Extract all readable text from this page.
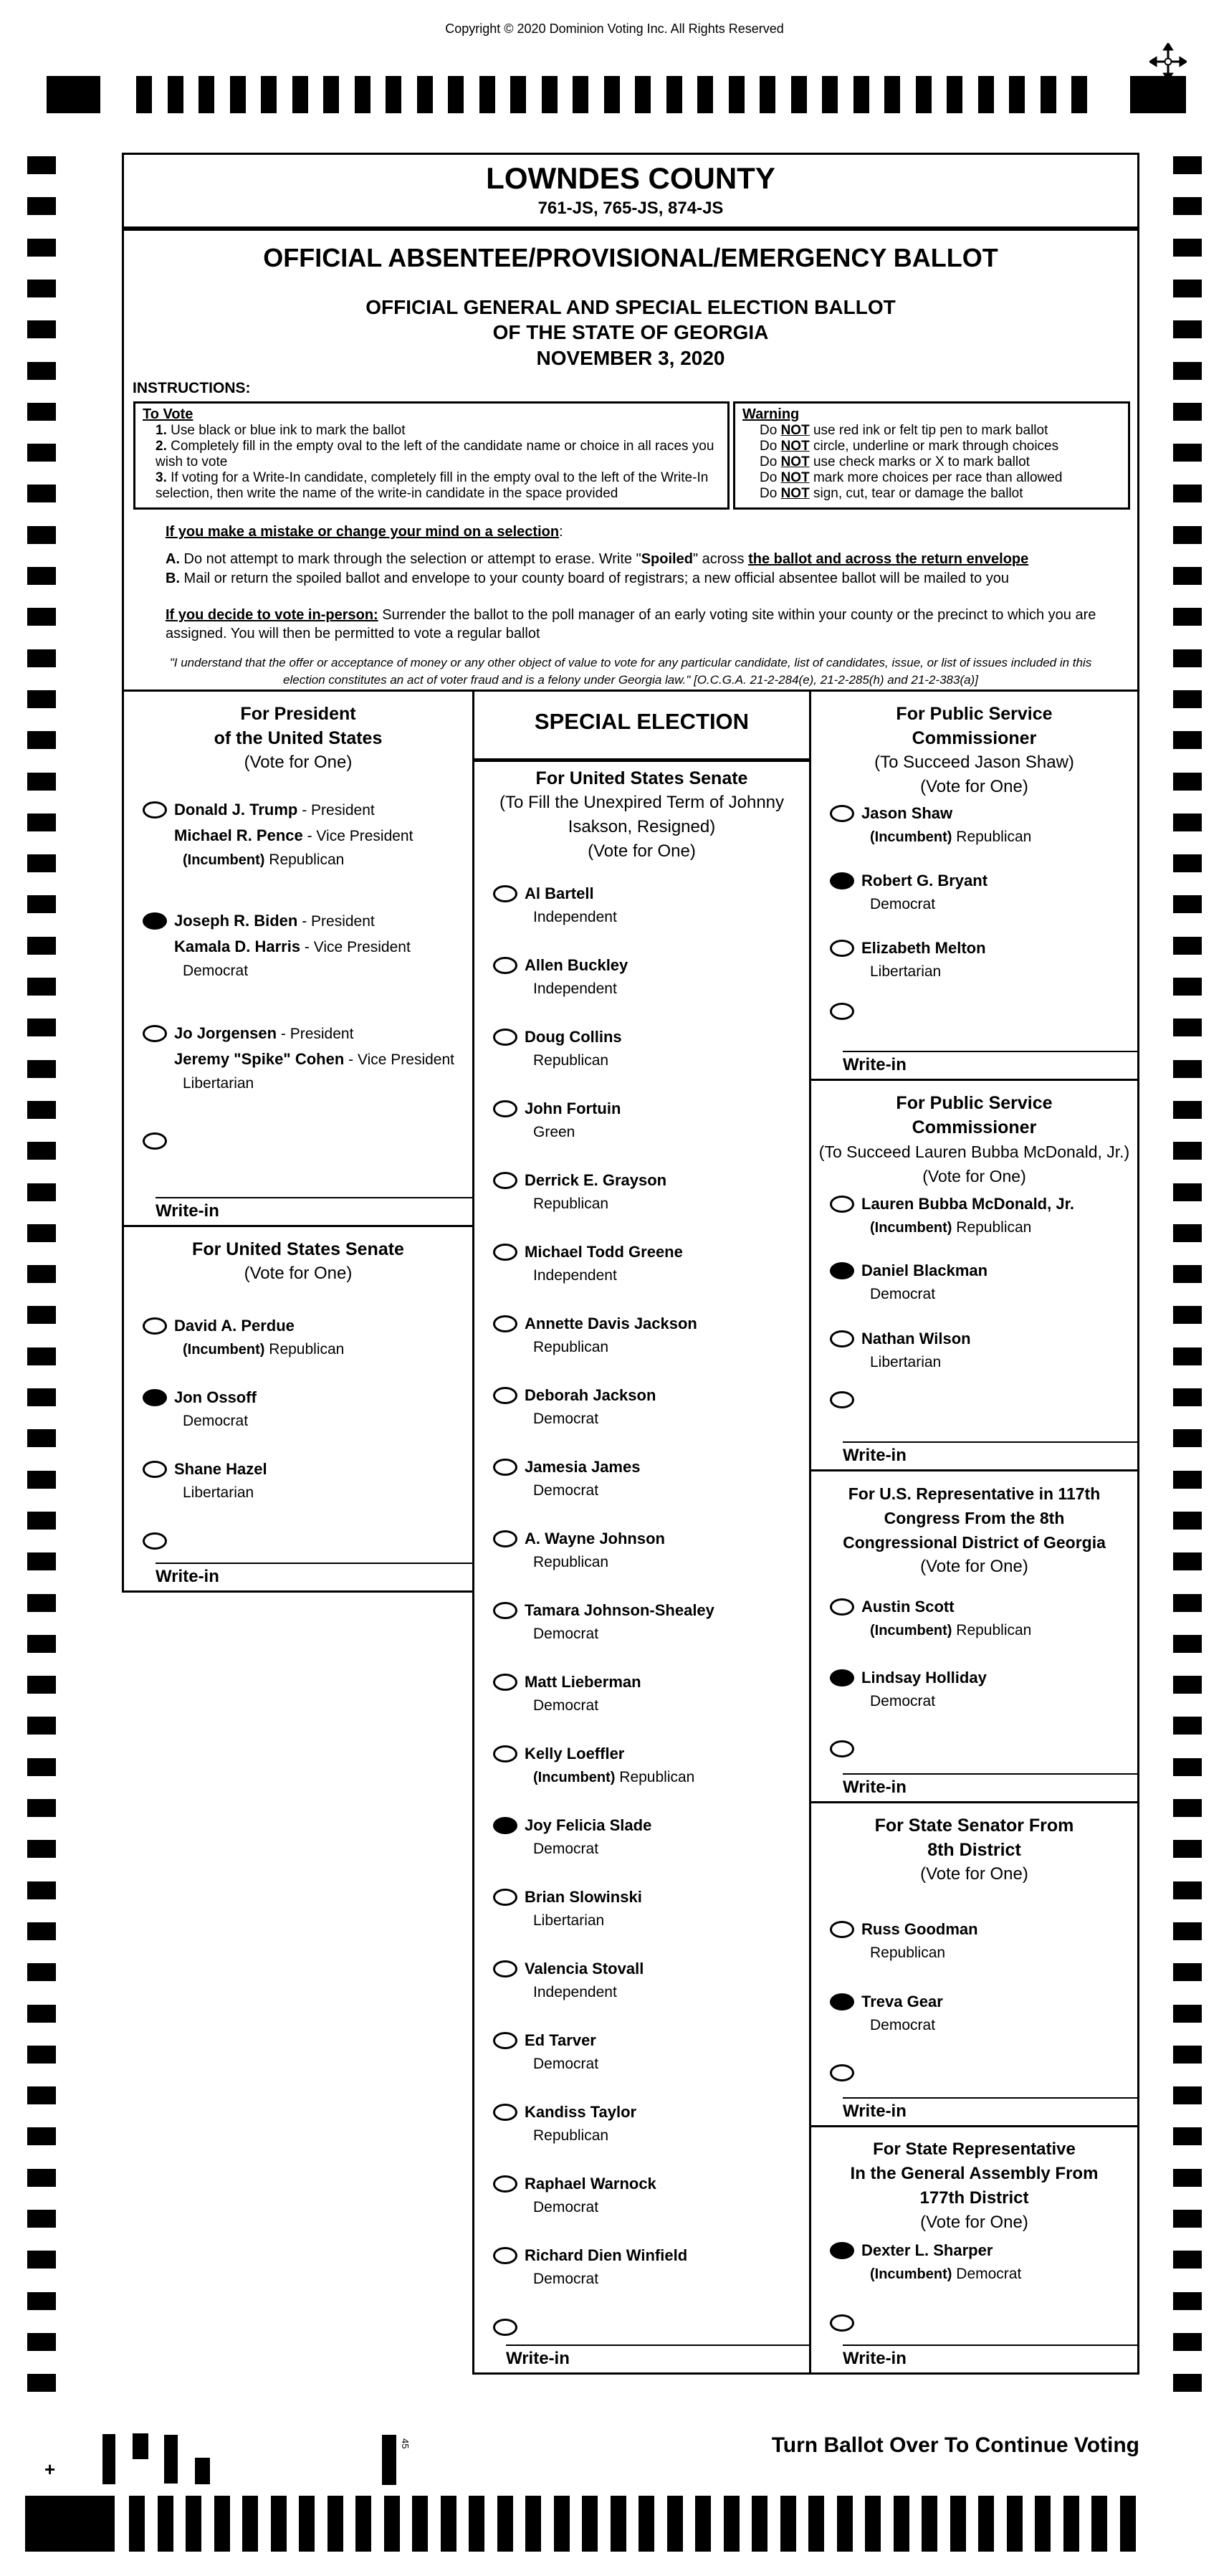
Copyright © 2020 Dominion Voting Inc. All Rights Reserved
LOWNDES COUNTY
761-JS, 765-JS, 874-JS
OFFICIAL ABSENTEE/PROVISIONAL/EMERGENCY BALLOT
OFFICIAL GENERAL AND SPECIAL ELECTION BALLOT
OF THE STATE OF GEORGIA
NOVEMBER 3, 2020
INSTRUCTIONS:
To Vote
1. Use black or blue ink to mark the ballot
2. Completely fill in the empty oval to the left of the candidate name or choice in all races you wish to vote
3. If voting for a Write-In candidate, completely fill in the empty oval to the left of the Write-In selection, then write the name of the write-in candidate in the space provided
Warning
Do NOT use red ink or felt tip pen to mark ballot
Do NOT circle, underline or mark through choices
Do NOT use check marks or X to mark ballot
Do NOT mark more choices per race than allowed
Do NOT sign, cut, tear or damage the ballot
If you make a mistake or change your mind on a selection:
A. Do not attempt to mark through the selection or attempt to erase. Write "Spoiled" across the ballot and across the return envelope
B. Mail or return the spoiled ballot and envelope to your county board of registrars; a new official absentee ballot will be mailed to you
If you decide to vote in-person: Surrender the ballot to the poll manager of an early voting site within your county or the precinct to which you are assigned. You will then be permitted to vote a regular ballot
"I understand that the offer or acceptance of money or any other object of value to vote for any particular candidate, list of candidates, issue, or list of issues included in this election constitutes an act of voter fraud and is a felony under Georgia law." [O.C.G.A. 21-2-284(e), 21-2-285(h) and 21-2-383(a)]
For President
of the United States
(Vote for One)
Donald J. Trump - President
Michael R. Pence - Vice President
(Incumbent) Republican
Joseph R. Biden - President
Kamala D. Harris - Vice President
Democrat
Jo Jorgensen - President
Jeremy "Spike" Cohen - Vice President
Libertarian
Write-in
For United States Senate
(Vote for One)
David A. Perdue
(Incumbent) Republican
Jon Ossoff
Democrat
Shane Hazel
Libertarian
Write-in
SPECIAL ELECTION
For United States Senate
(To Fill the Unexpired Term of Johnny
Isakson, Resigned)
(Vote for One)
Al Bartell
Independent
Allen Buckley
Independent
Doug Collins
Republican
John Fortuin
Green
Derrick E. Grayson
Republican
Michael Todd Greene
Independent
Annette Davis Jackson
Republican
Deborah Jackson
Democrat
Jamesia James
Democrat
A. Wayne Johnson
Republican
Tamara Johnson-Shealey
Democrat
Matt Lieberman
Democrat
Kelly Loeffler
(Incumbent) Republican
Joy Felicia Slade
Democrat
Brian Slowinski
Libertarian
Valencia Stovall
Independent
Ed Tarver
Democrat
Kandiss Taylor
Republican
Raphael Warnock
Democrat
Richard Dien Winfield
Democrat
Write-in
For Public Service
Commissioner
(To Succeed Jason Shaw)
(Vote for One)
Jason Shaw
(Incumbent) Republican
Robert G. Bryant
Democrat
Elizabeth Melton
Libertarian
Write-in
For Public Service
Commissioner
(To Succeed Lauren Bubba McDonald, Jr.)
(Vote for One)
Lauren Bubba McDonald, Jr.
(Incumbent) Republican
Daniel Blackman
Democrat
Nathan Wilson
Libertarian
Write-in
For U.S. Representative in 117th
Congress From the 8th
Congressional District of Georgia
(Vote for One)
Austin Scott
(Incumbent) Republican
Lindsay Holliday
Democrat
Write-in
For State Senator From
8th District
(Vote for One)
Russ Goodman
Republican
Treva Gear
Democrat
Write-in
For State Representative
In the General Assembly From
177th District
(Vote for One)
Dexter L. Sharper
(Incumbent) Democrat
Write-in
Turn Ballot Over To Continue Voting
+
45
